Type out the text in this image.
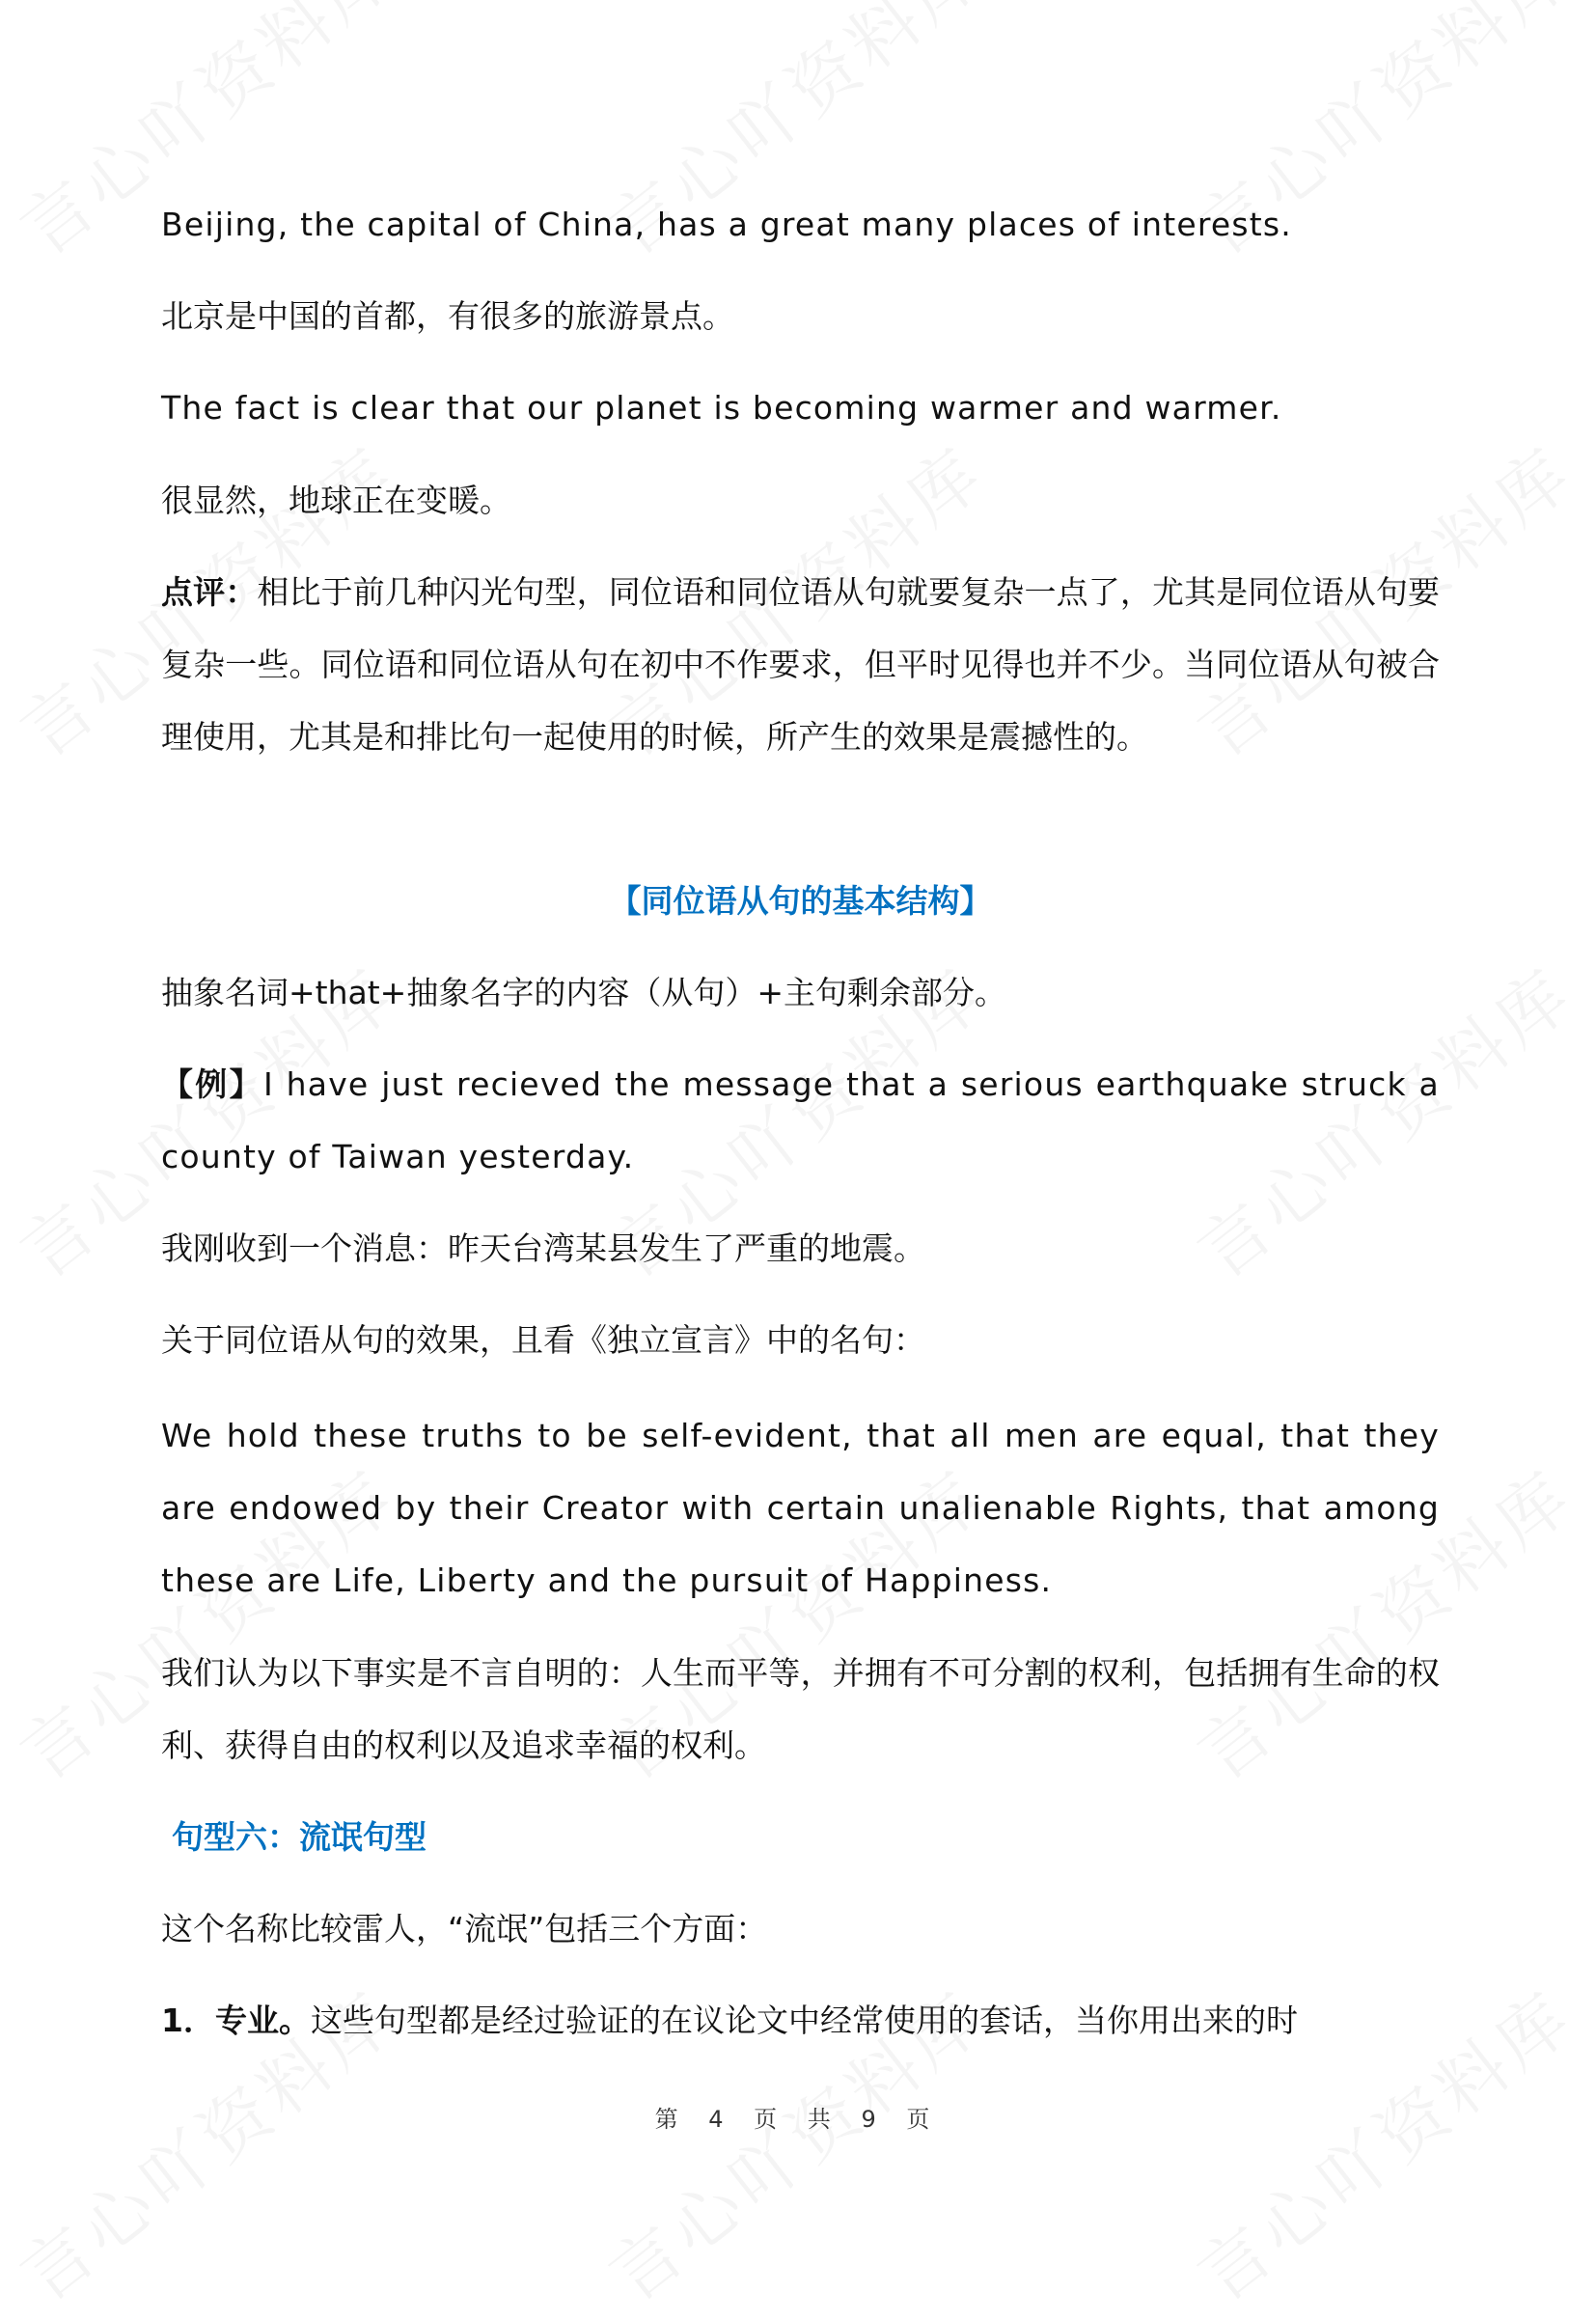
Beijing, the capital of China, has a great many places of interests.

北京是中国的首都，有很多的旅游景点。

The fact is clear that our planet is becoming warmer and warmer.

很显然，地球正在变暖。

点评：相比于前几种闪光句型，同位语和同位语从句就要复杂一点了，尤其是同位语从句要复杂一些。同位语和同位语从句在初中不作要求，但平时见得也并不少。当同位语从句被合理使用，尤其是和排比句一起使用的时候，所产生的效果是震撼性的。

【同位语从句的基本结构】

抽象名词+that+抽象名字的内容（从句）+主句剩余部分。

【例】I have just recieved the message that a serious earthquake struck a county of Taiwan yesterday.

我刚收到一个消息：昨天台湾某县发生了严重的地震。

关于同位语从句的效果，且看《独立宣言》中的名句：

We hold these truths to be self-evident, that all men are equal, that they are endowed by their Creator with certain unalienable Rights, that among these are Life, Liberty and the pursuit of Happiness.

我们认为以下事实是不言自明的：人生而平等，并拥有不可分割的权利，包括拥有生命的权利、获得自由的权利以及追求幸福的权利。

句型六：流氓句型

这个名称比较雷人，“流氓”包括三个方面：

1．专业。这些句型都是经过验证的在议论文中经常使用的套话，当你用出来的时

第 4 页 共 9 页
